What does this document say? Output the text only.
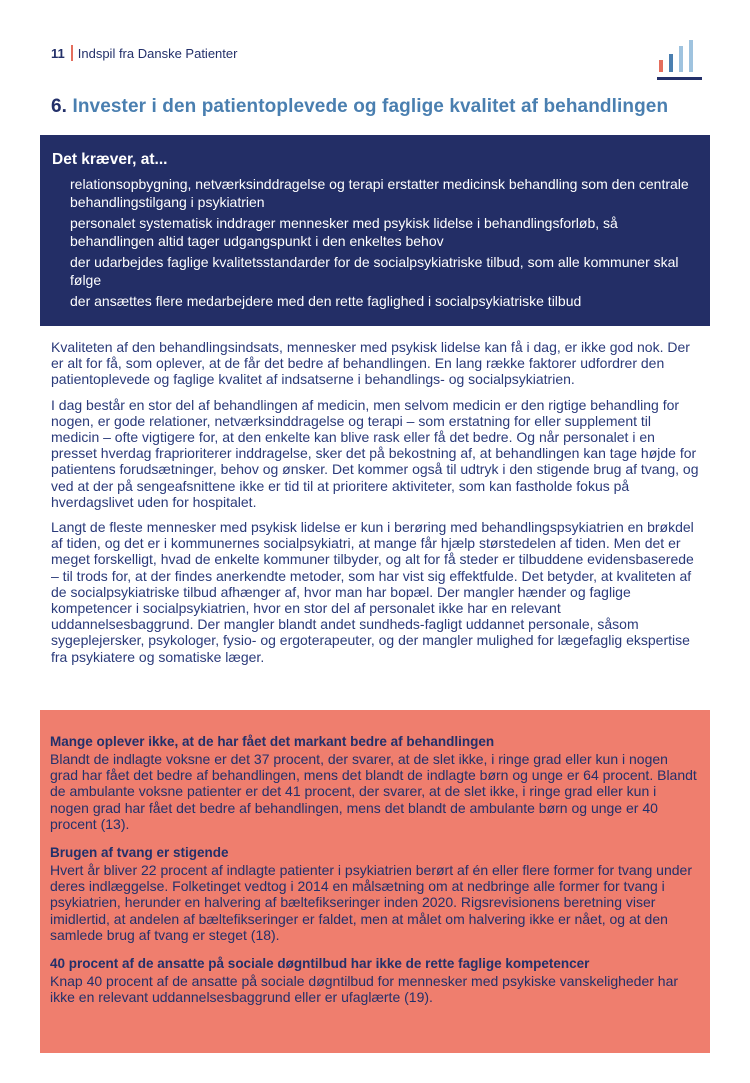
11 Indspil fra Danske Patienter
6. Invester i den patientoplevede og faglige kvalitet af behandlingen
Det kræver, at...
relationsopbygning, netværksinddragelse og terapi erstatter medicinsk behandling som den centrale behandlingstilgang i psykiatrien
personalet systematisk inddrager mennesker med psykisk lidelse i behandlingsforløb, så behandlingen altid tager udgangspunkt i den enkeltes behov
der udarbejdes faglige kvalitetsstandarder for de socialpsykiatriske tilbud, som alle kommuner skal følge
der ansættes flere medarbejdere med den rette faglighed i socialpsykiatriske tilbud

Kvaliteten af den behandlingsindsats, mennesker med psykisk lidelse kan få i dag, er ikke god nok. Der er alt for få, som oplever, at de får det bedre af behandlingen. En lang række faktorer udfordrer den patientoplevede og faglige kvalitet af indsatserne i behandlings- og socialpsykiatrien.

I dag består en stor del af behandlingen af medicin, men selvom medicin er den rigtige behandling for nogen, er gode relationer, netværksinddragelse og terapi – som erstatning for eller supplement til medicin – ofte vigtigere for, at den enkelte kan blive rask eller få det bedre. Og når personalet i en presset hverdag fraprioriterer inddragelse, sker det på bekostning af, at behandlingen kan tage højde for patientens forudsætninger, behov og ønsker. Det kommer også til udtryk i den stigende brug af tvang, og ved at der på sengeafsnittene ikke er tid til at prioritere aktiviteter, som kan fastholde fokus på hverdagslivet uden for hospitalet.

Langt de fleste mennesker med psykisk lidelse er kun i berøring med behandlingspsykiatrien en brøkdel af tiden, og det er i kommunernes socialpsykiatri, at mange får hjælp størstedelen af tiden. Men det er meget forskelligt, hvad de enkelte kommuner tilbyder, og alt for få steder er tilbuddene evidensbaserede – til trods for, at der findes anerkendte metoder, som har vist sig effektfulde. Det betyder, at kvaliteten af de socialpsykiatriske tilbud afhænger af, hvor man har bopæl. Der mangler hænder og faglige kompetencer i socialpsykiatrien, hvor en stor del af personalet ikke har en relevant uddannelsesbaggrund. Der mangler blandt andet sundheds-fagligt uddannet personale, såsom sygeplejersker, psykologer, fysio- og ergoterapeuter, og der mangler mulighed for lægefaglig ekspertise fra psykiatere og somatiske læger.

Mange oplever ikke, at de har fået det markant bedre af behandlingen

Blandt de indlagte voksne er det 37 procent, der svarer, at de slet ikke, i ringe grad eller kun i nogen grad har fået det bedre af behandlingen, mens det blandt de indlagte børn og unge er 64 procent. Blandt de ambulante voksne patienter er det 41 procent, der svarer, at de slet ikke, i ringe grad eller kun i nogen grad har fået det bedre af behandlingen, mens det blandt de ambulante børn og unge er 40 procent (13).

Brugen af tvang er stigende

Hvert år bliver 22 procent af indlagte patienter i psykiatrien berørt af én eller flere former for tvang under deres indlæggelse. Folketinget vedtog i 2014 en målsætning om at nedbringe alle former for tvang i psykiatrien, herunder en halvering af bæltefikseringer inden 2020. Rigsrevisionens beretning viser imidlertid, at andelen af bæltefikseringer er faldet, men at målet om halvering ikke er nået, og at den samlede brug af tvang er steget (18).

40 procent af de ansatte på sociale døgntilbud har ikke de rette faglige kompetencer

Knap 40 procent af de ansatte på sociale døgntilbud for mennesker med psykiske vanskeligheder har ikke en relevant uddannelsesbaggrund eller er ufaglærte (19).
